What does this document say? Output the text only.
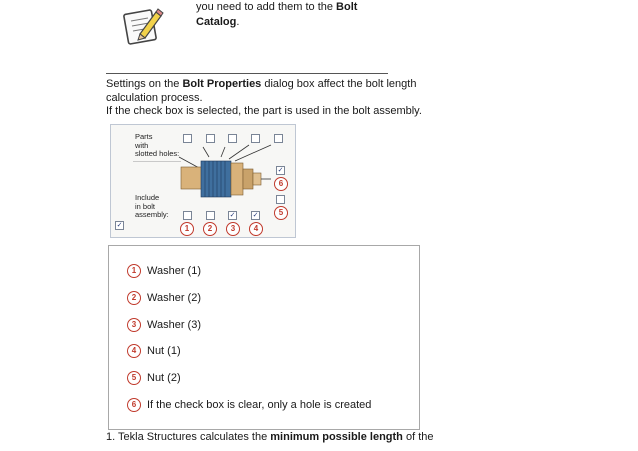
you need to add them to the Bolt
Catalog.
Settings on the Bolt Properties dialog box affect the bolt length
calculation process.
If the check box is selected, the part is used in the bolt assembly.
Parts
with
slotted holes:
Include
in bolt
assembly:
✓
6
5
✓ ✓
1	2	3	4
✓
1 Washer (1)
2 Washer (2)
3 Washer (3)
4 Nut (1)
5 Nut (2)
6 If the check box is clear, only a hole is created
1. Tekla Structures calculates the minimum possible length of the
